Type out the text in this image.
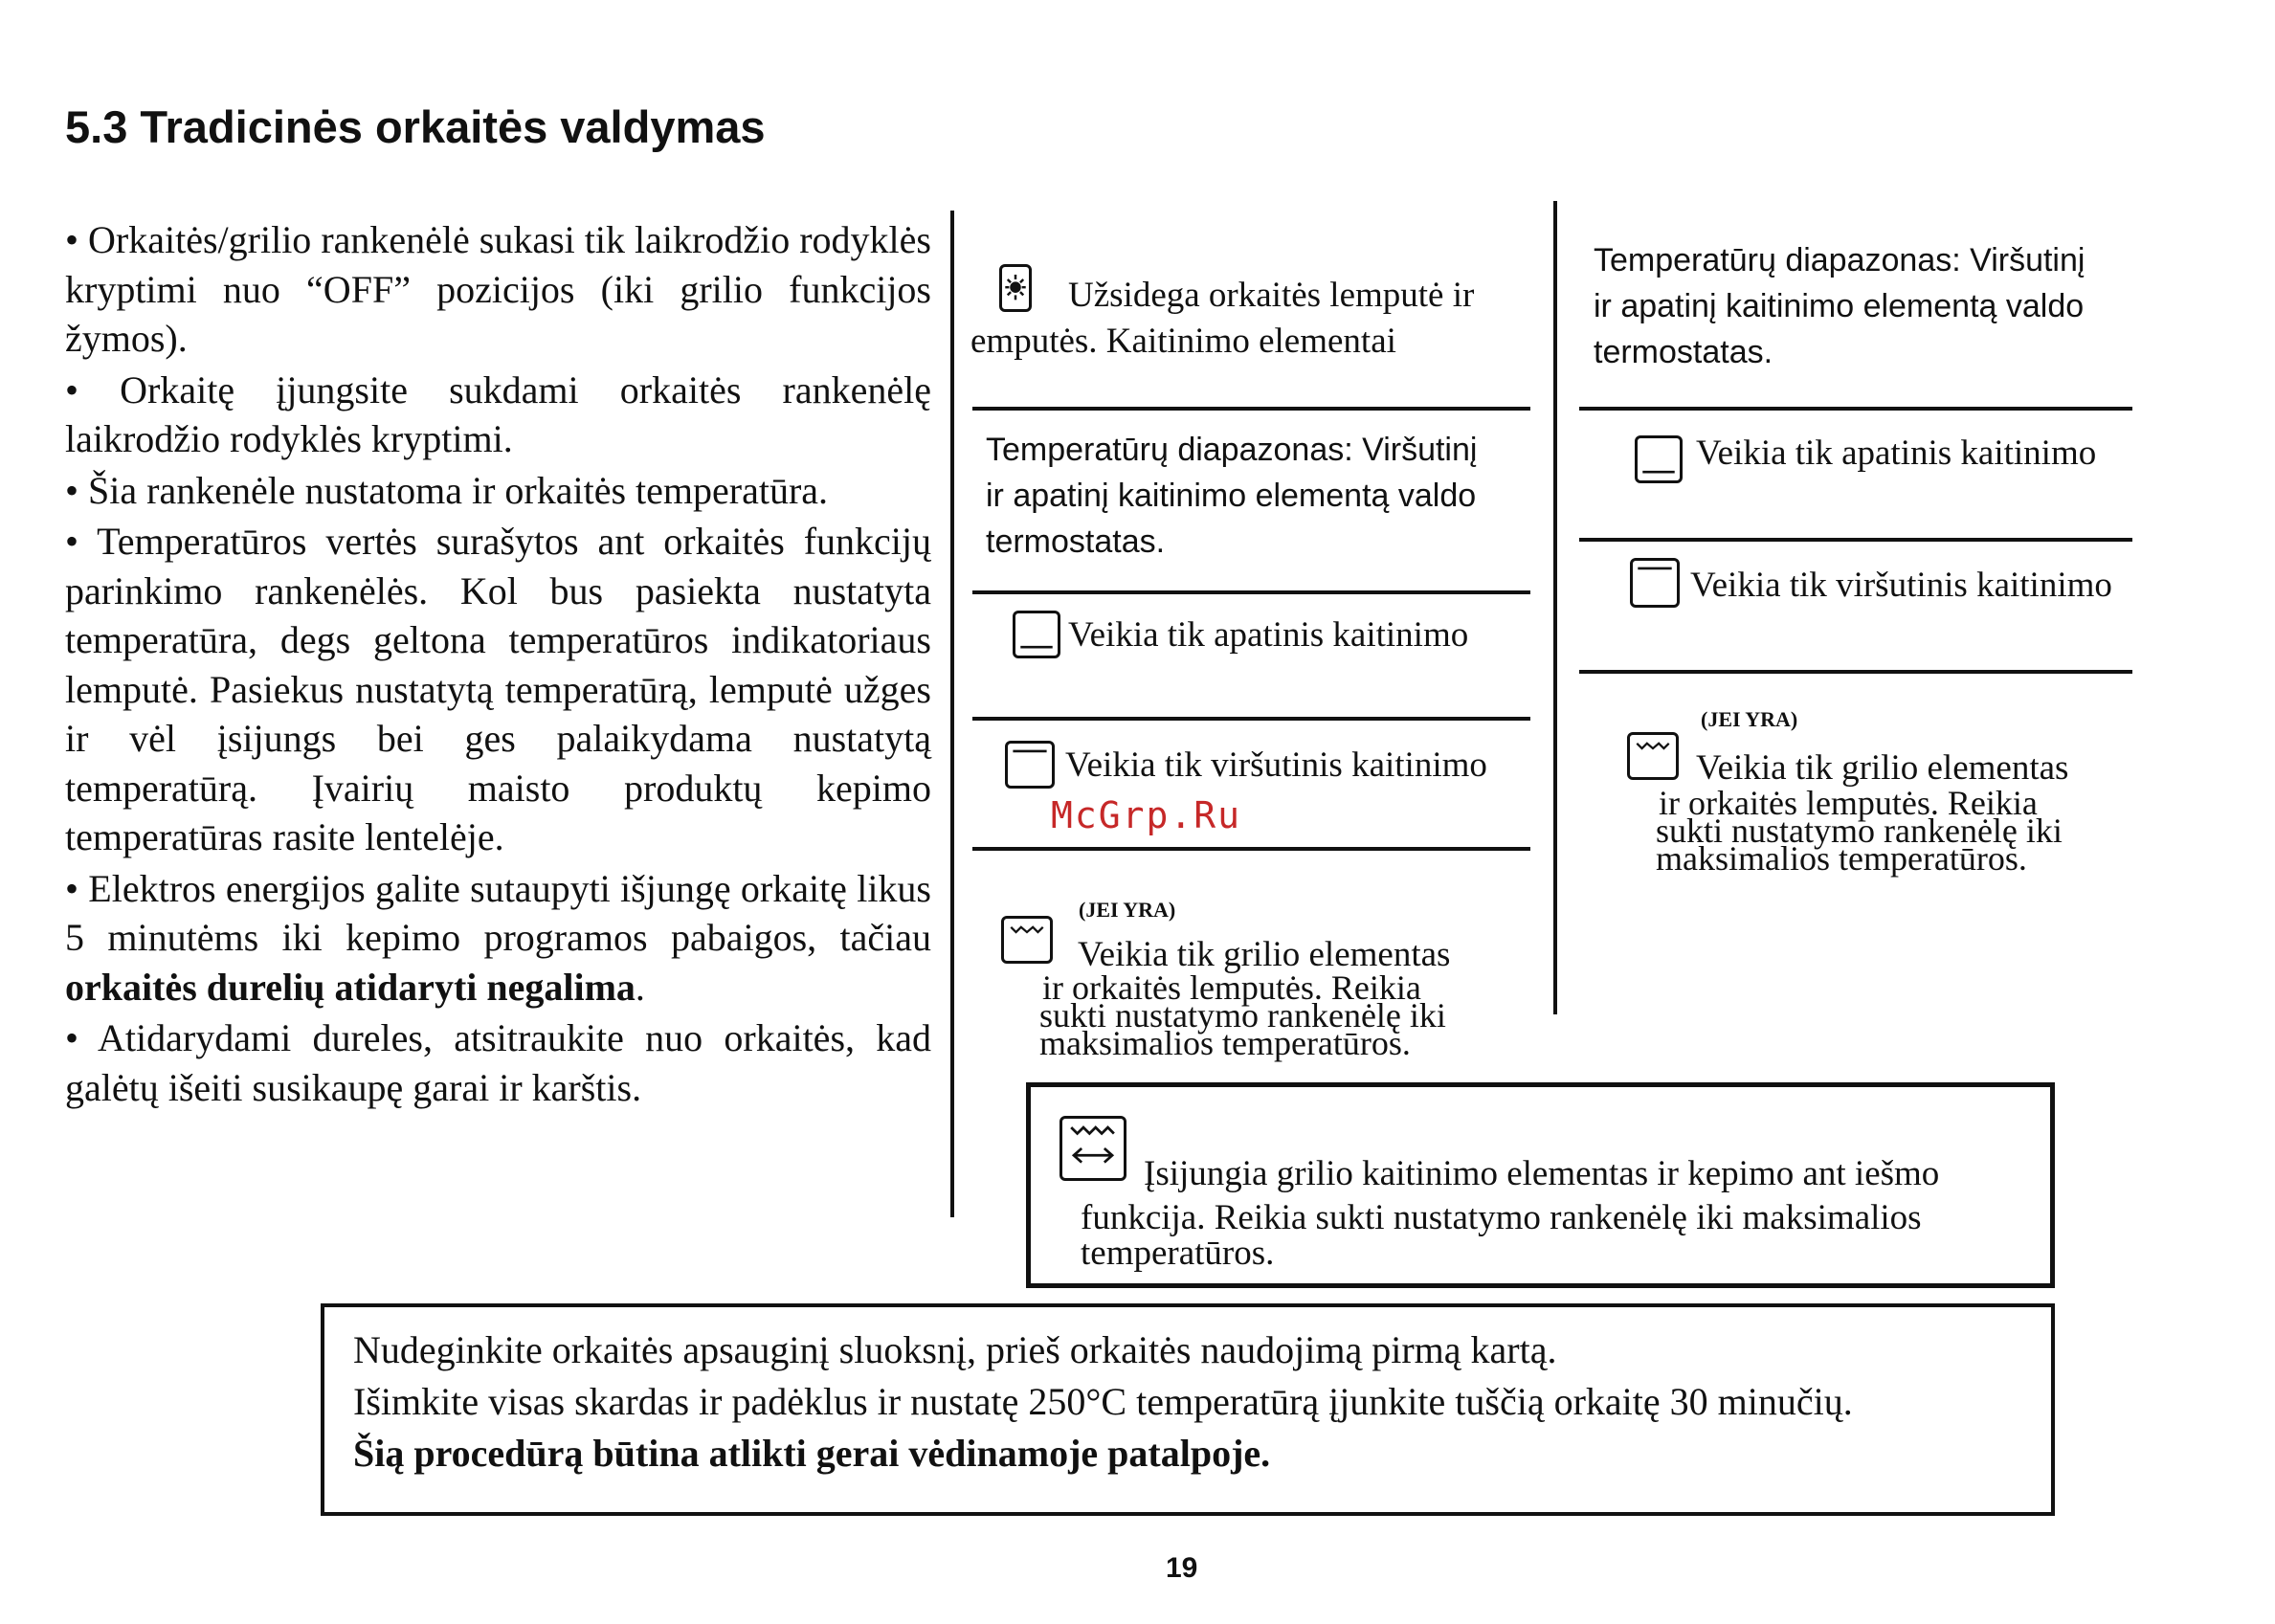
5.3 Tradicinės orkaitės valdymas

• Orkaitės/grilio rankenėlė sukasi tik laikrodžio rodyklės kryptimi nuo “OFF” pozicijos (iki grilio funkcijos žymos).

• Orkaitę įjungsite sukdami orkaitės rankenėlę laikrodžio rodyklės kryptimi.

• Šia rankenėle nustatoma ir orkaitės temperatūra.

• Temperatūros vertės surašytos ant orkaitės funkcijų parinkimo rankenėlės. Kol bus pasiekta nustatyta temperatūra, degs geltona temperatūros indikatoriaus lemputė. Pasiekus nustatytą temperatūrą, lemputė užges ir vėl įsijungs bei ges palaikydama nustatytą temperatūrą. Įvairių maisto produktų kepimo temperatūras rasite lentelėje.

• Elektros energijos galite sutaupyti išjungę orkaitę likus 5 minutėms iki kepimo programos pabaigos, tačiau orkaitės durelių atidaryti negalima.

• Atidarydami dureles, atsitraukite nuo orkaitės, kad galėtų išeiti susikaupę garai ir karštis.

Užsidega orkaitės lemputė ir
emputės. Kaitinimo elementai
Temperatūrų diapazonas: Viršutinį
ir apatinį kaitinimo elementą valdo
termostatas.
Veikia tik apatinis kaitinimo
Veikia tik viršutinis kaitinimo
McGrp.Ru
(JEI YRA)
Veikia tik grilio elementas
ir orkaitės lemputės. Reikia
sukti nustatymo rankenėlę iki
maksimalios temperatūros.
Temperatūrų diapazonas: Viršutinį
ir apatinį kaitinimo elementą valdo
termostatas.
Veikia tik apatinis kaitinimo
Veikia tik viršutinis kaitinimo
(JEI YRA)
Veikia tik grilio elementas
ir orkaitės lemputės. Reikia
sukti nustatymo rankenėlę iki
maksimalios temperatūros.
Įsijungia grilio kaitinimo elementas ir kepimo ant iešmo
funkcija. Reikia sukti nustatymo rankenėlę iki maksimalios
temperatūros.
Nudeginkite orkaitės apsauginį sluoksnį, prieš orkaitės naudojimą pirmą kartą.
Išimkite visas skardas ir padėklus ir nustatę 250°C temperatūrą įjunkite tuščią orkaitę 30 minučių.
Šią procedūrą būtina atlikti gerai vėdinamoje patalpoje.
19
